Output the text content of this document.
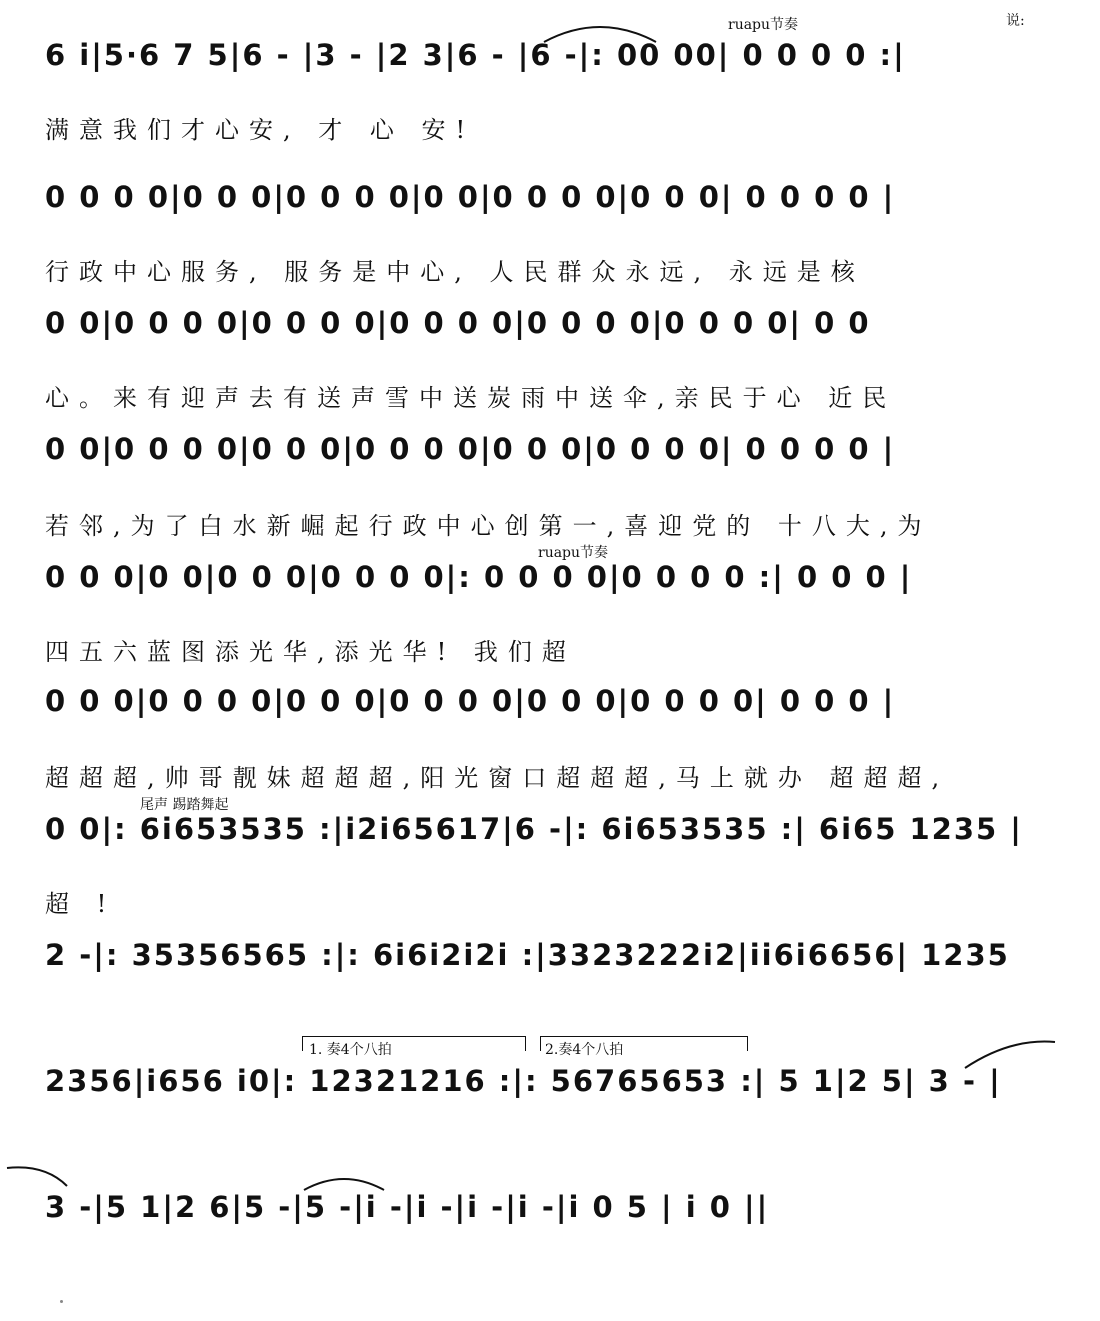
ruapu节奏	说:
6 i|5·6 7 5|6 - |3 - |2 3|6 - |6 -|: 00 00| 0 0 0 0 :|
满意我们才心安, 才 心 安!
0 0 0 0|0 0 0|0 0 0 0|0 0|0 0 0 0|0 0 0| 0 0 0 0 |
行政中心服务, 服务是中心, 人民群众永远, 永远是核
0 0|0 0 0 0|0 0 0 0|0 0 0 0|0 0 0 0|0 0 0 0| 0 0
心。来有迎声去有送声雪中送炭雨中送伞,亲民于心 近民
0 0|0 0 0 0|0 0 0|0 0 0 0|0 0 0|0 0 0 0| 0 0 0 0 |
若邻,为了白水新崛起行政中心创第一,喜迎党的 十八大,为
ruapu节奏
0 0 0|0 0|0 0 0|0 0 0 0|: 0 0 0 0|0 0 0 0 :| 0 0 0 |
四五六蓝图添光华,添光华! 我们超
0 0 0|0 0 0 0|0 0 0|0 0 0 0|0 0 0|0 0 0 0| 0 0 0 |
超超超,帅哥靓妹超超超,阳光窗口超超超,马上就办 超超超,
尾声 踢踏舞起
0 0|: 6i653535 :|i2i65617|6 -|: 6i653535 :| 6i65 1235 |
超 !
2 -|: 35356565 :|: 6i6i2i2i :|3323222i2|ii6i6656| 1235
1. 奏4个八拍	2.奏4个八拍
2356|i656 i0|: 12321216 :|: 56765653 :| 5 1|2 5| 3 - |
3 -|5 1|2 6|5 -|5 -|i -|i -|i -|i -|i 0 5 | i 0 ||
